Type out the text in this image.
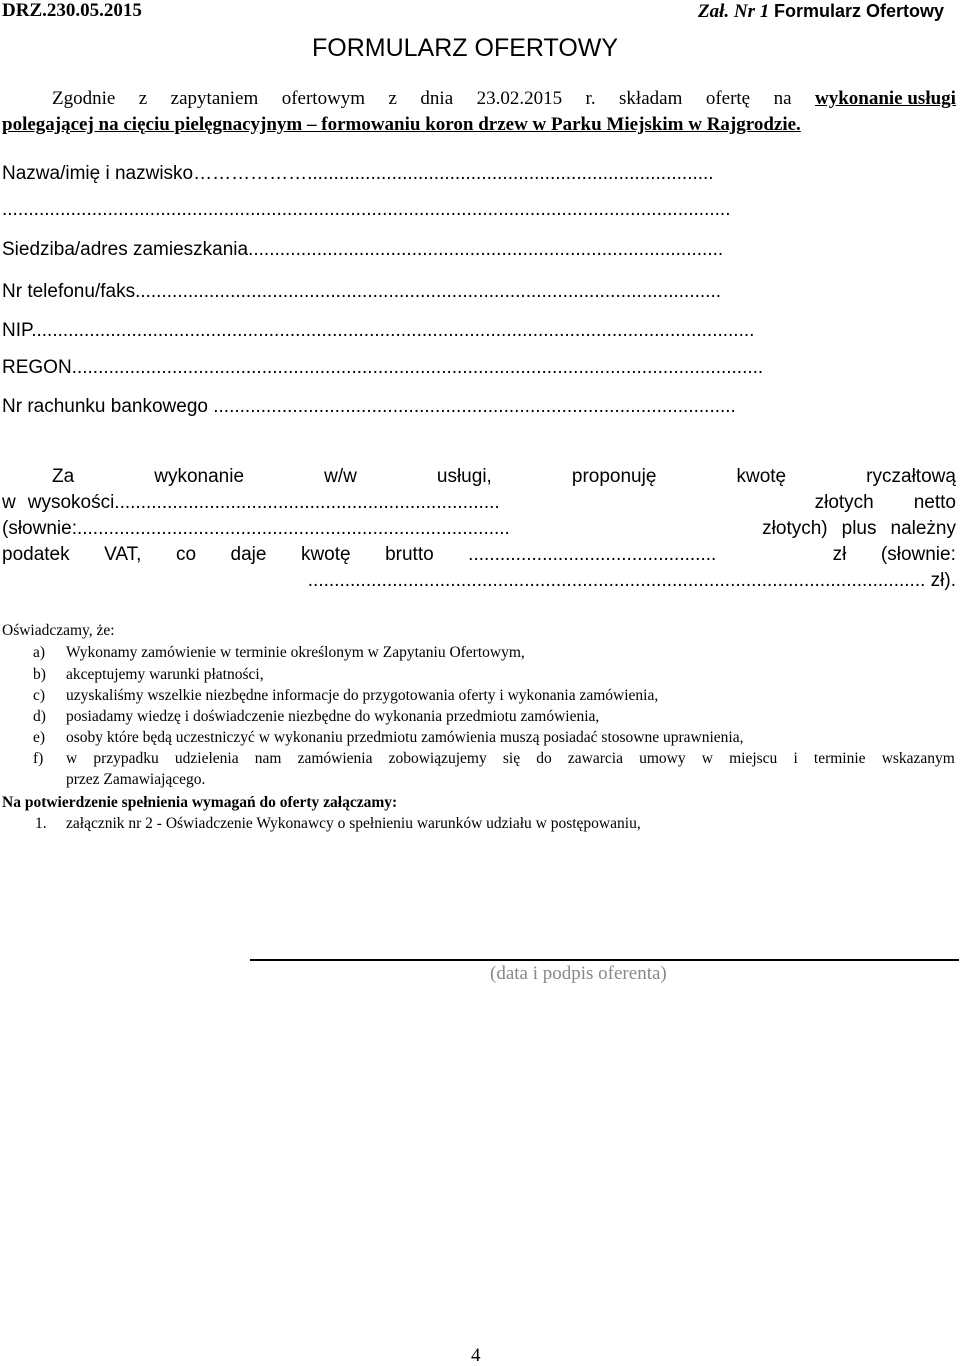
DRZ.230.05.2015	Zał. Nr 1 Formularz Ofertowy
FORMULARZ OFERTOWY
Zgodnie z zapytaniem ofertowym z dnia 23.02.2015 r. składam ofertę na wykonanie usługi
polegającej na cięciu pielęgnacyjnym – formowaniu koron drzew w Parku Miejskim w Rajgrodzie.
Nazwa/imię i nazwisko……………….............................................................................
..........................................................................................................................................
Siedziba/adres zamieszkania..........................................................................................
Nr telefonu/faks...............................................................................................................
NIP.........................................................................................................................................
REGON...................................................................................................................................
Nr rachunku bankowego ...................................................................................................
Za	wykonanie	w/w	usługi,	proponuję	kwotę	ryczałtową
w wysokości.........................................................................	złotych netto
(słownie:..................................................................................	złotych) plus należny
podatek VAT, co daje kwotę brutto ...............................................	zł (słownie:
..................................................................................................................... zł).
Oświadczamy, że:
a) Wykonamy zamówienie w terminie określonym w Zapytaniu Ofertowym,
b) akceptujemy warunki płatności,
c) uzyskaliśmy wszelkie niezbędne informacje do przygotowania oferty i wykonania zamówienia,
d) posiadamy wiedzę i doświadczenie niezbędne do wykonania przedmiotu zamówienia,
e) osoby które będą uczestniczyć w wykonaniu przedmiotu zamówienia muszą posiadać stosowne uprawnienia,
f) w przypadku udzielenia nam zamówienia zobowiązujemy się do zawarcia umowy w miejscu i terminie wskazanym
przez Zamawiającego.
Na potwierdzenie spełnienia wymagań do oferty załączamy:
1. załącznik nr 2 - Oświadczenie Wykonawcy o spełnieniu warunków udziału w postępowaniu,
(data i podpis oferenta)
4
